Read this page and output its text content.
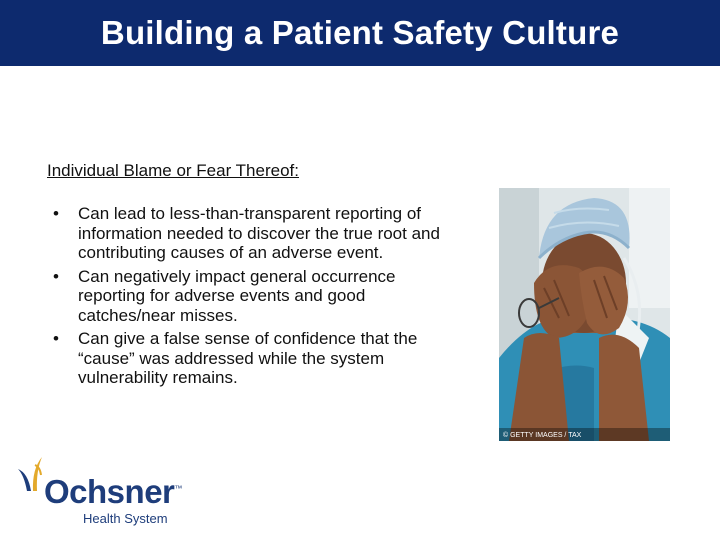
Building a Patient Safety Culture
Individual Blame or Fear Thereof:
• Can lead to less-than-transparent reporting of information needed to discover the true root and contributing causes of an adverse event.
• Can negatively impact general occurrence reporting for adverse events and good catches/near misses.
• Can give a false sense of confidence that the “cause” was addressed while the system vulnerability remains.
© GETTY IMAGES / TAX
Ochsner™
Health System
